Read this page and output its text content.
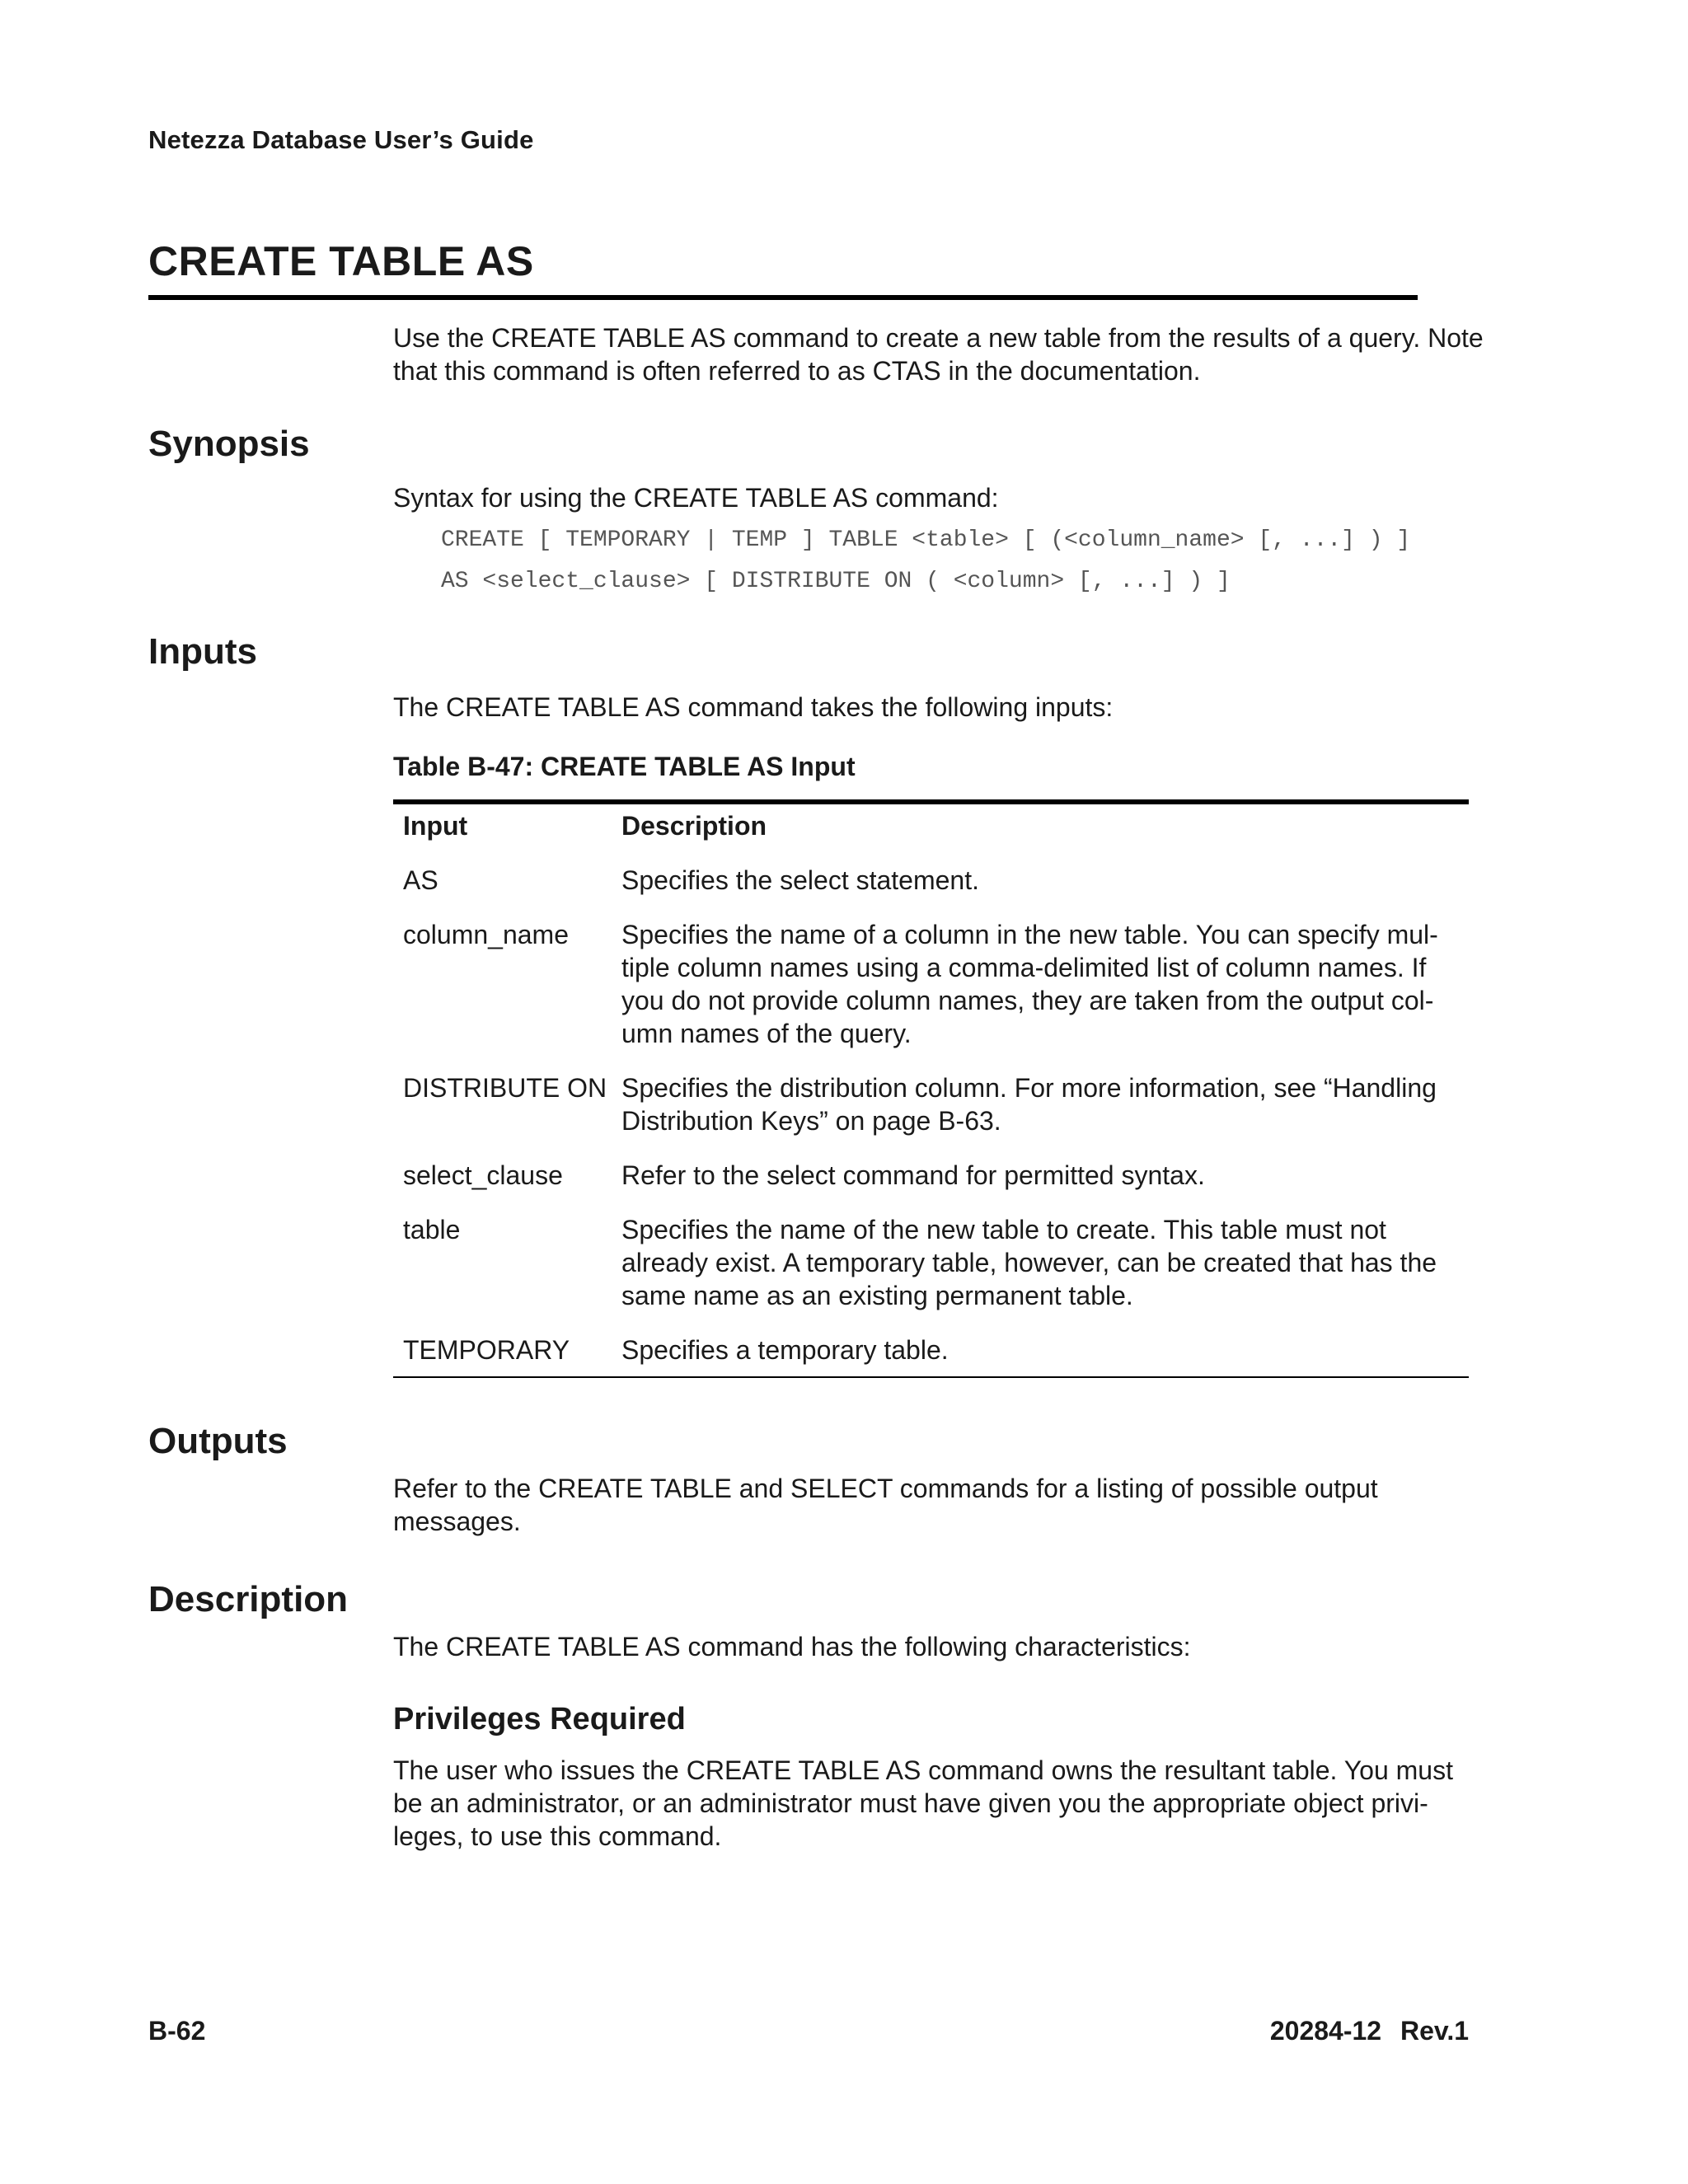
Netezza Database User’s Guide
CREATE TABLE AS
Use the CREATE TABLE AS command to create a new table from the results of a query. Note that this command is often referred to as CTAS in the documentation.
Synopsis
Syntax for using the CREATE TABLE AS command:
CREATE [ TEMPORARY | TEMP ] TABLE <table> [ (<column_name> [, ...] ) ]
AS <select_clause> [ DISTRIBUTE ON ( <column> [, ...] ) ]
Inputs
The CREATE TABLE AS command takes the following inputs:
Table B-47: CREATE TABLE AS Input
Input	Description
AS	Specifies the select statement.
column_name	Specifies the name of a column in the new table. You can specify mul-tiple column names using a comma-delimited list of column names. If you do not provide column names, they are taken from the output col-umn names of the query.
DISTRIBUTE ON	Specifies the distribution column. For more information, see “Handling Distribution Keys” on page B-63.
select_clause	Refer to the select command for permitted syntax.
table	Specifies the name of the new table to create. This table must not already exist. A temporary table, however, can be created that has the same name as an existing permanent table.
TEMPORARY	Specifies a temporary table.
Outputs
Refer to the CREATE TABLE and SELECT commands for a listing of possible output messages.
Description
The CREATE TABLE AS command has the following characteristics:
Privileges Required
The user who issues the CREATE TABLE AS command owns the resultant table. You must be an administrator, or an administrator must have given you the appropriate object privi-leges, to use this command.
B-62	20284-12 Rev.1
